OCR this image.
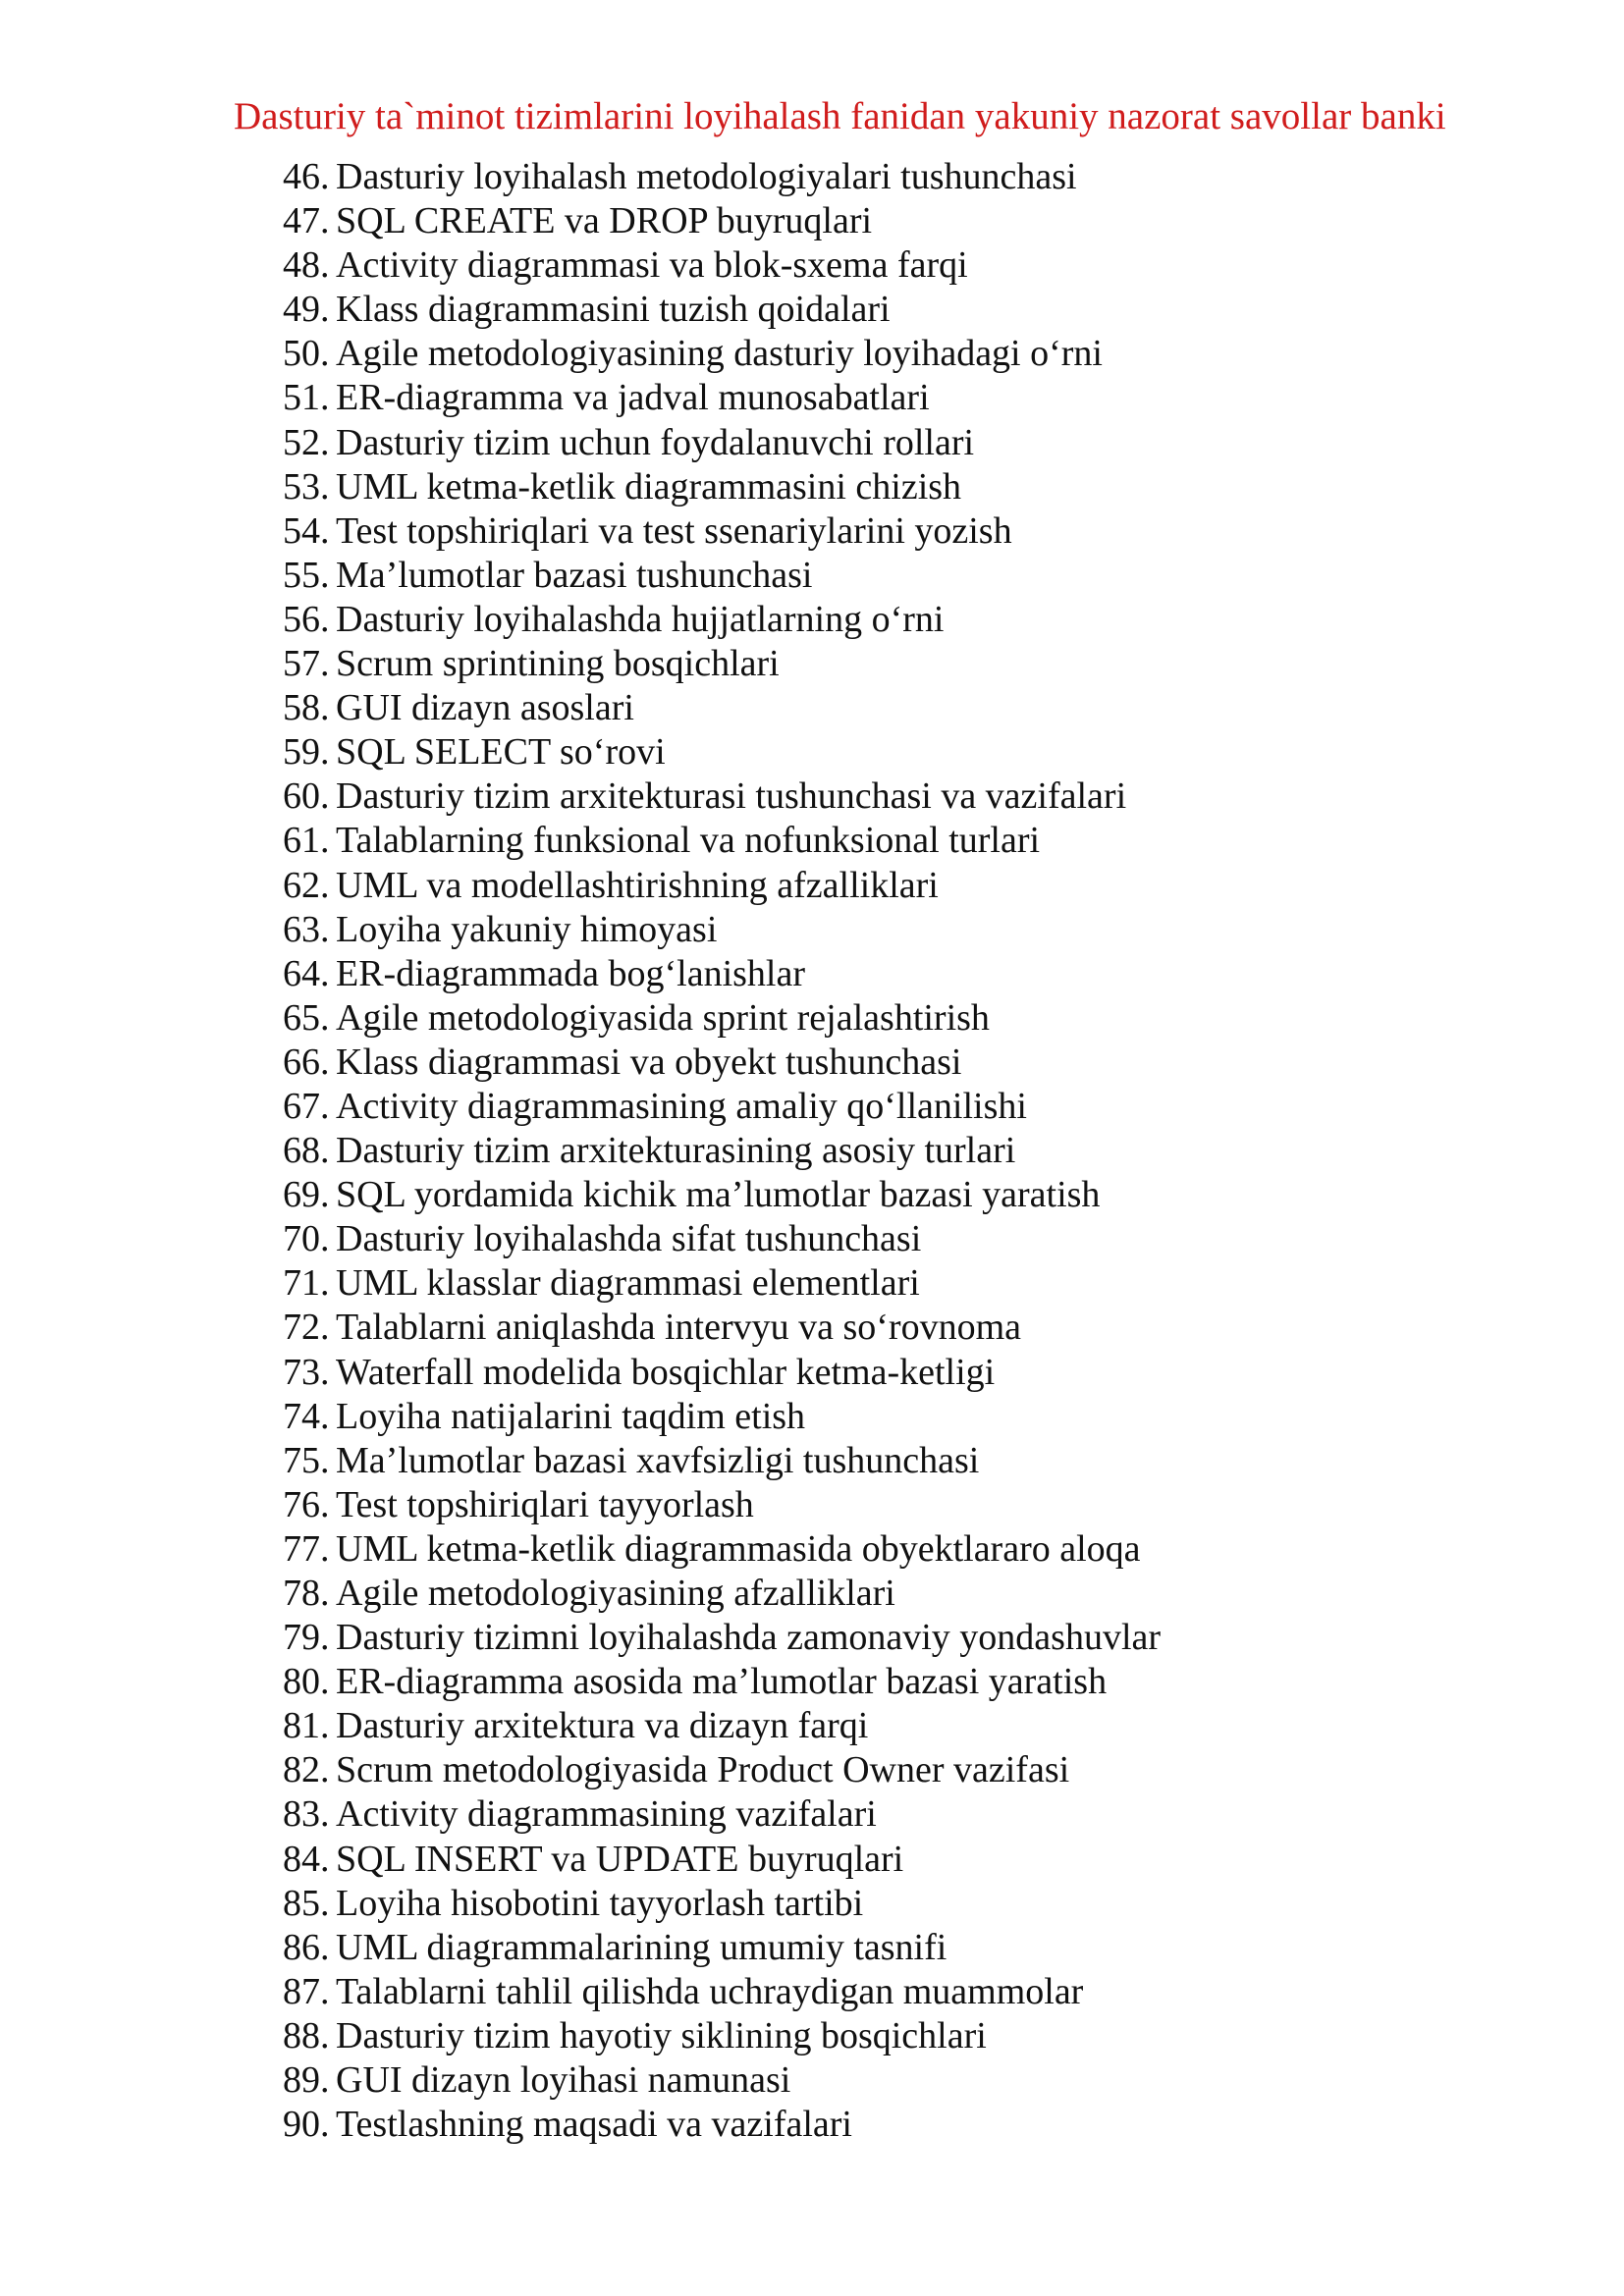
Dasturiy ta`minot tizimlarini loyihalash fanidan yakuniy nazorat savollar banki
46. Dasturiy loyihalash metodologiyalari tushunchasi
47. SQL CREATE va DROP buyruqlari
48. Activity diagrammasi va blok-sxema farqi
49. Klass diagrammasini tuzish qoidalari
50. Agile metodologiyasining dasturiy loyihadagi o‘rni
51. ER-diagramma va jadval munosabatlari
52. Dasturiy tizim uchun foydalanuvchi rollari
53. UML ketma-ketlik diagrammasini chizish
54. Test topshiriqlari va test ssenariylarini yozish
55. Ma’lumotlar bazasi tushunchasi
56. Dasturiy loyihalashda hujjatlarning o‘rni
57. Scrum sprintining bosqichlari
58. GUI dizayn asoslari
59. SQL SELECT so‘rovi
60. Dasturiy tizim arxitekturasi tushunchasi va vazifalari
61. Talablarning funksional va nofunksional turlari
62. UML va modellashtirishning afzalliklari
63. Loyiha yakuniy himoyasi
64. ER-diagrammada bog‘lanishlar
65. Agile metodologiyasida sprint rejalashtirish
66. Klass diagrammasi va obyekt tushunchasi
67. Activity diagrammasining amaliy qo‘llanilishi
68. Dasturiy tizim arxitekturasining asosiy turlari
69. SQL yordamida kichik ma’lumotlar bazasi yaratish
70. Dasturiy loyihalashda sifat tushunchasi
71. UML klasslar diagrammasi elementlari
72. Talablarni aniqlashda intervyu va so‘rovnoma
73. Waterfall modelida bosqichlar ketma-ketligi
74. Loyiha natijalarini taqdim etish
75. Ma’lumotlar bazasi xavfsizligi tushunchasi
76. Test topshiriqlari tayyorlash
77. UML ketma-ketlik diagrammasida obyektlararo aloqa
78. Agile metodologiyasining afzalliklari
79. Dasturiy tizimni loyihalashda zamonaviy yondashuvlar
80. ER-diagramma asosida ma’lumotlar bazasi yaratish
81. Dasturiy arxitektura va dizayn farqi
82. Scrum metodologiyasida Product Owner vazifasi
83. Activity diagrammasining vazifalari
84. SQL INSERT va UPDATE buyruqlari
85. Loyiha hisobotini tayyorlash tartibi
86. UML diagrammalarining umumiy tasnifi
87. Talablarni tahlil qilishda uchraydigan muammolar
88. Dasturiy tizim hayotiy siklining bosqichlari
89. GUI dizayn loyihasi namunasi
90. Testlashning maqsadi va vazifalari
